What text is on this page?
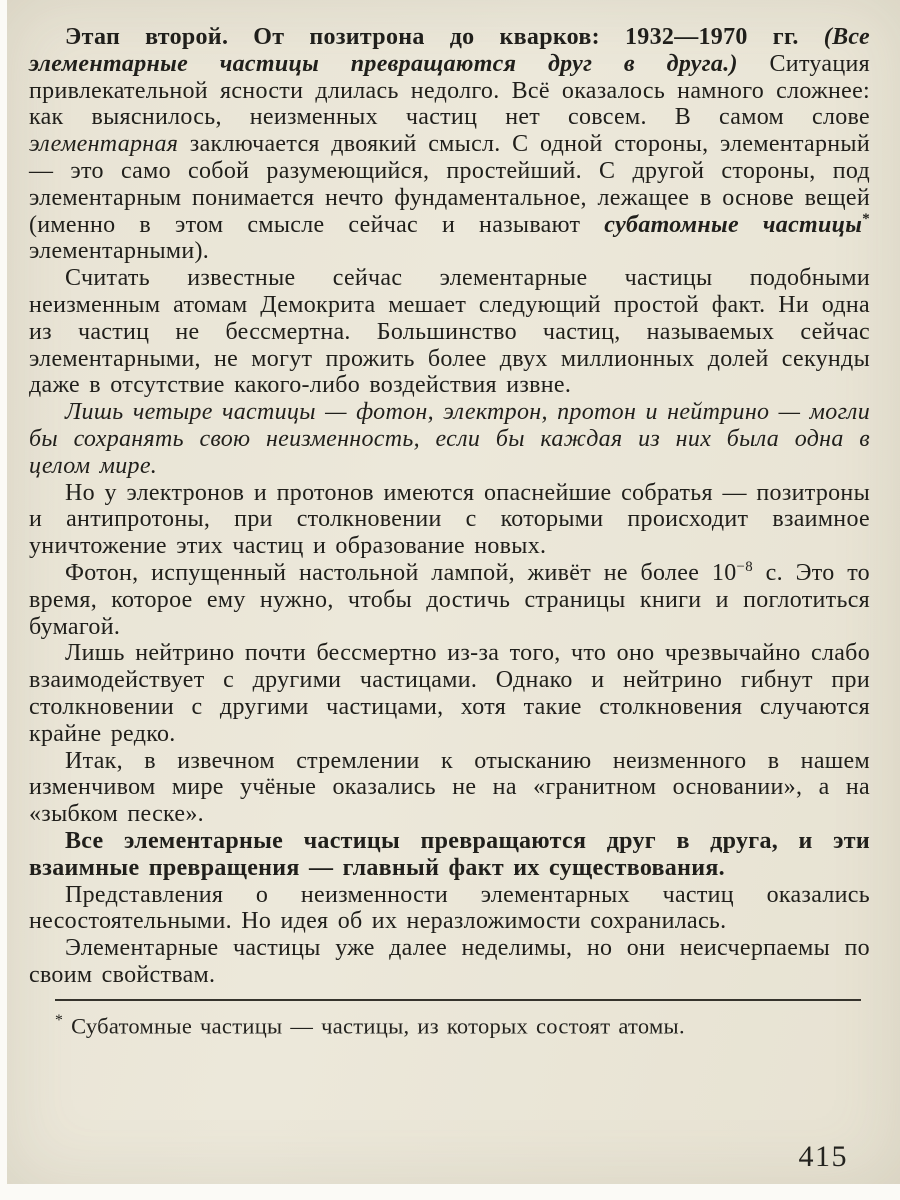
Этап второй. От позитрона до кварков: 1932—1970 гг. (Все элементарные частицы превращаются друг в друга.) Ситуация привлекательной ясности длилась недолго. Всё оказалось намного сложнее: как выяснилось, неизменных частиц нет совсем. В самом слове элементарная заключается двоякий смысл. С одной стороны, элементарный — это само собой разумеющийся, простейший. С другой стороны, под элементарным понимается нечто фундаментальное, лежащее в основе вещей (именно в этом смысле сейчас и называют субатомные частицы* элементарными).

Считать известные сейчас элементарные частицы подобными неизменным атомам Демокрита мешает следующий простой факт. Ни одна из частиц не бессмертна. Большинство частиц, называемых сейчас элементарными, не могут прожить более двух миллионных долей секунды даже в отсутствие какого-либо воздействия извне.

Лишь четыре частицы — фотон, электрон, протон и нейтрино — могли бы сохранять свою неизменность, если бы каждая из них была одна в целом мире.

Но у электронов и протонов имеются опаснейшие собратья — позитроны и антипротоны, при столкновении с которыми происходит взаимное уничтожение этих частиц и образование новых.

Фотон, испущенный настольной лампой, живёт не более $10^{-8}$ с. Это то время, которое ему нужно, чтобы достичь страницы книги и поглотиться бумагой.

Лишь нейтрино почти бессмертно из-за того, что оно чрезвычайно слабо взаимодействует с другими частицами. Однако и нейтрино гибнут при столкновении с другими частицами, хотя такие столкновения случаются крайне редко.

Итак, в извечном стремлении к отысканию неизменного в нашем изменчивом мире учёные оказались не на «гранитном основании», а на «зыбком песке».

Все элементарные частицы превращаются друг в друга, и эти взаимные превращения — главный факт их существования.

Представления о неизменности элементарных частиц оказались несостоятельными. Но идея об их неразложимости сохранилась.

Элементарные частицы уже далее неделимы, но они неисчерпаемы по своим свойствам.

* Субатомные частицы — частицы, из которых состоят атомы.
415
